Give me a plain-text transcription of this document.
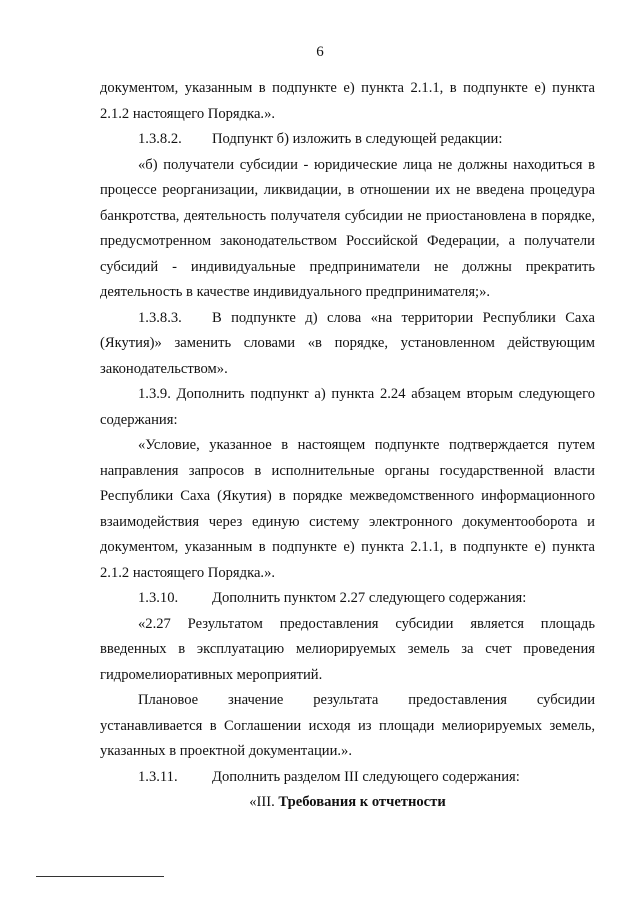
6

документом, указанным в подпункте е) пункта 2.1.1, в подпункте е) пункта 2.1.2 настоящего Порядка.».

1.3.8.2. Подпункт б) изложить в следующей редакции:

«б) получатели субсидии - юридические лица не должны находиться в процессе реорганизации, ликвидации, в отношении их не введена процедура банкротства, деятельность получателя субсидии не приостановлена в порядке, предусмотренном законодательством Российской Федерации, а получатели субсидий - индивидуальные предприниматели не должны прекратить деятельность в качестве индивидуального предпринимателя;».

1.3.8.3. В подпункте д) слова «на территории Республики Саха (Якутия)» заменить словами «в порядке, установленном действующим законодательством».

1.3.9. Дополнить подпункт а) пункта 2.24 абзацем вторым следующего содержания:

«Условие, указанное в настоящем подпункте подтверждается путем направления запросов в исполнительные органы государственной власти Республики Саха (Якутия) в порядке межведомственного информационного взаимодействия через единую систему электронного документооборота и документом, указанным в подпункте е) пункта 2.1.1, в подпункте е) пункта 2.1.2 настоящего Порядка.».

1.3.10. Дополнить пунктом 2.27 следующего содержания:

«2.27 Результатом предоставления субсидии является площадь введенных в эксплуатацию мелиорируемых земель за счет проведения гидромелиоративных мероприятий.

Плановое значение результата предоставления субсидии устанавливается в Соглашении исходя из площади мелиорируемых земель, указанных в проектной документации.».

1.3.11. Дополнить разделом III следующего содержания:

«III. Требования к отчетности
